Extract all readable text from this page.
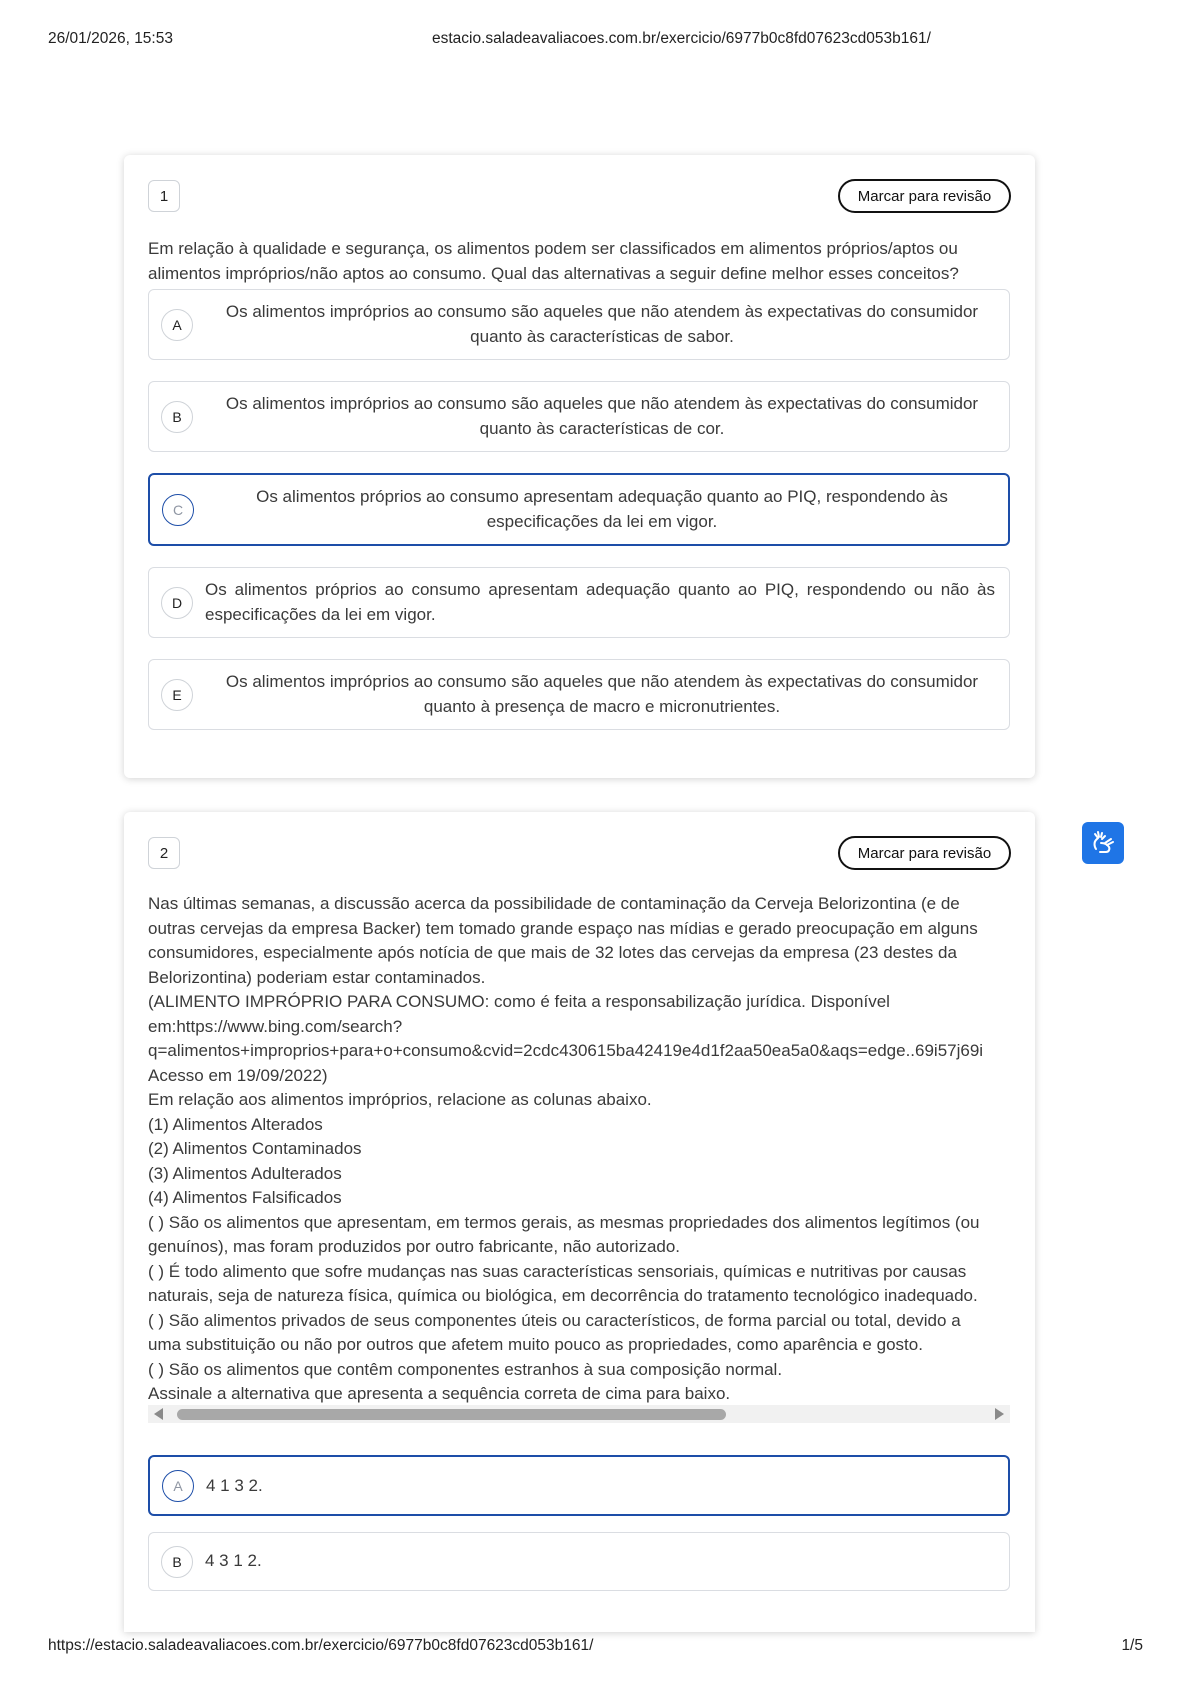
26/01/2026, 15:53	estacio.saladeavaliacoes.com.br/exercicio/6977b0c8fd07623cd053b161/
1	Marcar para revisão
Em relação à qualidade e segurança, os alimentos podem ser classificados em alimentos próprios/aptos ou alimentos impróprios/não aptos ao consumo. Qual das alternativas a seguir define melhor esses conceitos?
A
Os alimentos impróprios ao consumo são aqueles que não atendem às expectativas do consumidor quanto às características de sabor.
B
Os alimentos impróprios ao consumo são aqueles que não atendem às expectativas do consumidor quanto às características de cor.
C
Os alimentos próprios ao consumo apresentam adequação quanto ao PIQ, respondendo às especificações da lei em vigor.
D
Os alimentos próprios ao consumo apresentam adequação quanto ao PIQ, respondendo ou não às especificações da lei em vigor.
E
Os alimentos impróprios ao consumo são aqueles que não atendem às expectativas do consumidor quanto à presença de macro e micronutrientes.
2	Marcar para revisão
Nas últimas semanas, a discussão acerca da possibilidade de contaminação da Cerveja Belorizontina (e de
outras cervejas da empresa Backer) tem tomado grande espaço nas mídias e gerado preocupação em alguns
consumidores, especialmente após notícia de que mais de 32 lotes das cervejas da empresa (23 destes da
Belorizontina) poderiam estar contaminados.
(ALIMENTO IMPRÓPRIO PARA CONSUMO: como é feita a responsabilização jurídica. Disponível
em:https://www.bing.com/search?
q=alimentos+improprios+para+o+consumo&cvid=2cdc430615ba42419e4d1f2aa50ea5a0&aqs=edge..69i57j69i
Acesso em 19/09/2022)
Em relação aos alimentos impróprios, relacione as colunas abaixo.
(1) Alimentos Alterados
(2) Alimentos Contaminados
(3) Alimentos Adulterados
(4) Alimentos Falsificados
( ) São os alimentos que apresentam, em termos gerais, as mesmas propriedades dos alimentos legítimos (ou
genuínos), mas foram produzidos por outro fabricante, não autorizado.
( ) É todo alimento que sofre mudanças nas suas características sensoriais, químicas e nutritivas por causas
naturais, seja de natureza física, química ou biológica, em decorrência do tratamento tecnológico inadequado.
( ) São alimentos privados de seus componentes úteis ou característicos, de forma parcial ou total, devido a
uma substituição ou não por outros que afetem muito pouco as propriedades, como aparência e gosto.
( ) São os alimentos que contêm componentes estranhos à sua composição normal.
Assinale a alternativa que apresenta a sequência correta de cima para baixo.
A	4 1 3 2.
B	4 3 1 2.
https://estacio.saladeavaliacoes.com.br/exercicio/6977b0c8fd07623cd053b161/	1/5
